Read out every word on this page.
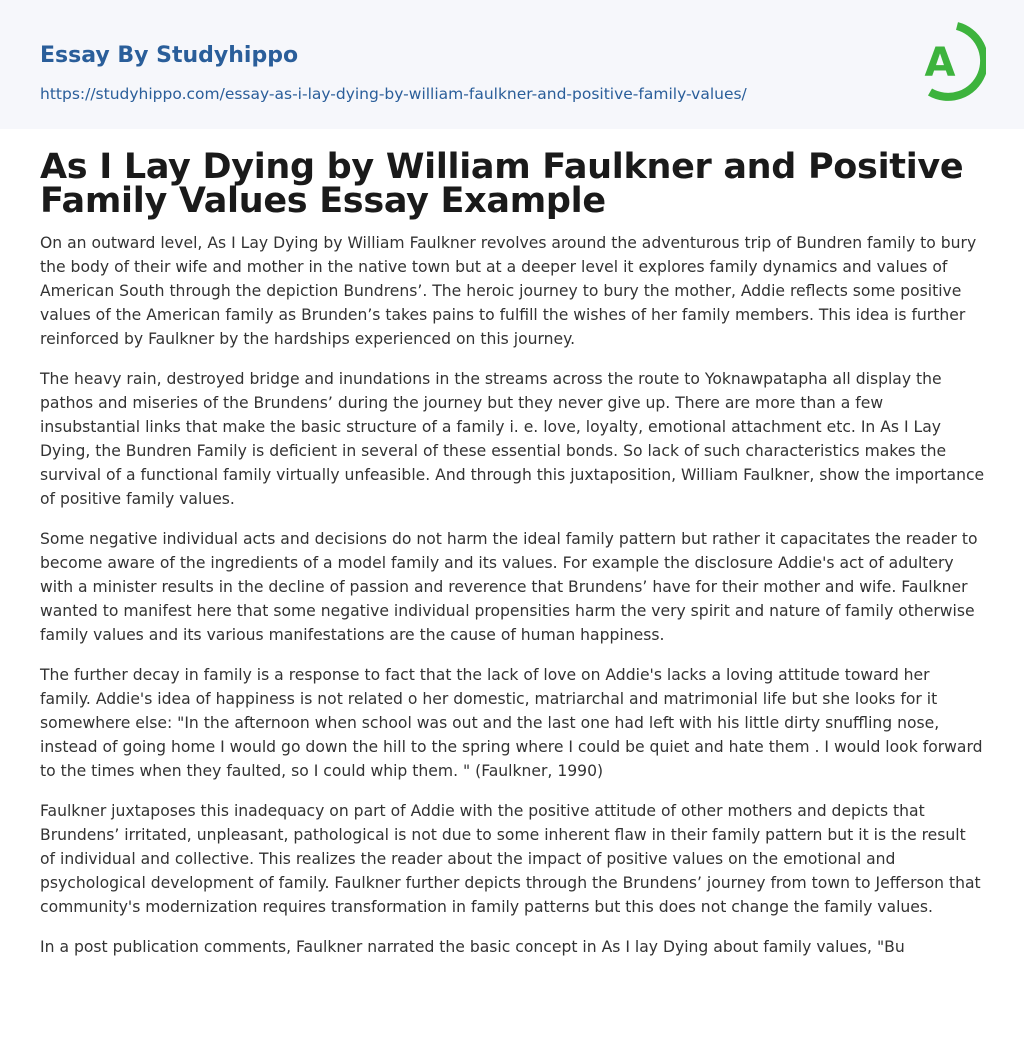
Essay By Studyhippo
https://studyhippo.com/essay-as-i-lay-dying-by-william-faulkner-and-positive-family-values/
A
As I Lay Dying by William Faulkner and Positive Family Values Essay Example

On an outward level, As I Lay Dying by William Faulkner revolves around the adventurous trip of Bundren family to bury the body of their wife and mother in the native town but at a deeper level it explores family dynamics and values of American South through the depiction Bundrens’. The heroic journey to bury the mother, Addie reflects some positive values of the American family as Brunden’s takes pains to fulfill the wishes of her family members. This idea is further reinforced by Faulkner by the hardships experienced on this journey.

The heavy rain, destroyed bridge and inundations in the streams across the route to Yoknawpatapha all display the pathos and miseries of the Brundens’ during the journey but they never give up. There are more than a few insubstantial links that make the basic structure of a family i. e. love, loyalty, emotional attachment etc. In As I Lay Dying, the Bundren Family is deficient in several of these essential bonds. So lack of such characteristics makes the survival of a functional family virtually unfeasible. And through this juxtaposition, William Faulkner, show the importance of positive family values.

Some negative individual acts and decisions do not harm the ideal family pattern but rather it capacitates the reader to become aware of the ingredients of a model family and its values. For example the disclosure Addie's act of adultery with a minister results in the decline of passion and reverence that Brundens’ have for their mother and wife. Faulkner wanted to manifest here that some negative individual propensities harm the very spirit and nature of family otherwise family values and its various manifestations are the cause of human happiness.

The further decay in family is a response to fact that the lack of love on Addie's lacks a loving attitude toward her family. Addie's idea of happiness is not related o her domestic, matriarchal and matrimonial life but she looks for it somewhere else: "In the afternoon when school was out and the last one had left with his little dirty snuffling nose, instead of going home I would go down the hill to the spring where I could be quiet and hate them . I would look forward to the times when they faulted, so I could whip them. " (Faulkner, 1990)

Faulkner juxtaposes this inadequacy on part of Addie with the positive attitude of other mothers and depicts that Brundens’ irritated, unpleasant, pathological is not due to some inherent flaw in their family pattern but it is the result of individual and collective. This realizes the reader about the impact of positive values on the emotional and psychological development of family. Faulkner further depicts through the Brundens’ journey from town to Jefferson that community's modernization requires transformation in family patterns but this does not change the family values.

In a post publication comments, Faulkner narrated the basic concept in As I lay Dying about family values, "Bu
